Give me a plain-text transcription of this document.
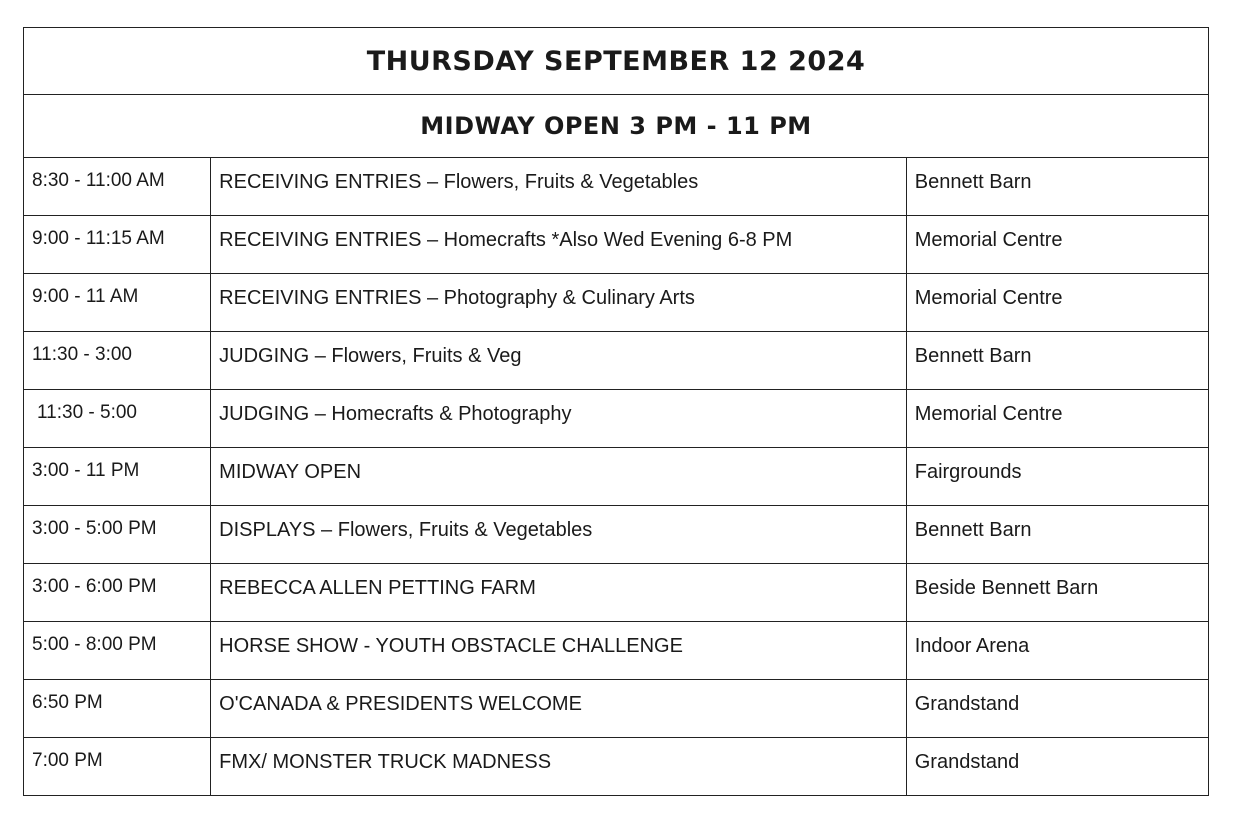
THURSDAY SEPTEMBER 12 2024		
MIDWAY OPEN 3 PM - 11 PM		

8:30 - 11:00 AM	RECEIVING ENTRIES – Flowers, Fruits & Vegetables	Bennett Barn

9:00 - 11:15 AM	RECEIVING ENTRIES – Homecrafts *Also Wed Evening 6-8 PM	Memorial Centre

9:00 - 11 AM	RECEIVING ENTRIES – Photography & Culinary Arts	Memorial Centre

11:30 - 3:00	JUDGING – Flowers, Fruits & Veg	Bennett Barn

11:30 - 5:00	JUDGING – Homecrafts & Photography	Memorial Centre

3:00 - 11 PM	MIDWAY OPEN	Fairgrounds

3:00 - 5:00 PM	DISPLAYS – Flowers, Fruits & Vegetables	Bennett Barn

3:00 - 6:00 PM	REBECCA ALLEN PETTING FARM	Beside Bennett Barn

5:00 - 8:00 PM	HORSE SHOW - YOUTH OBSTACLE CHALLENGE	Indoor Arena

6:50 PM	O'CANADA & PRESIDENTS WELCOME	Grandstand

7:00 PM	FMX/ MONSTER TRUCK MADNESS	Grandstand
